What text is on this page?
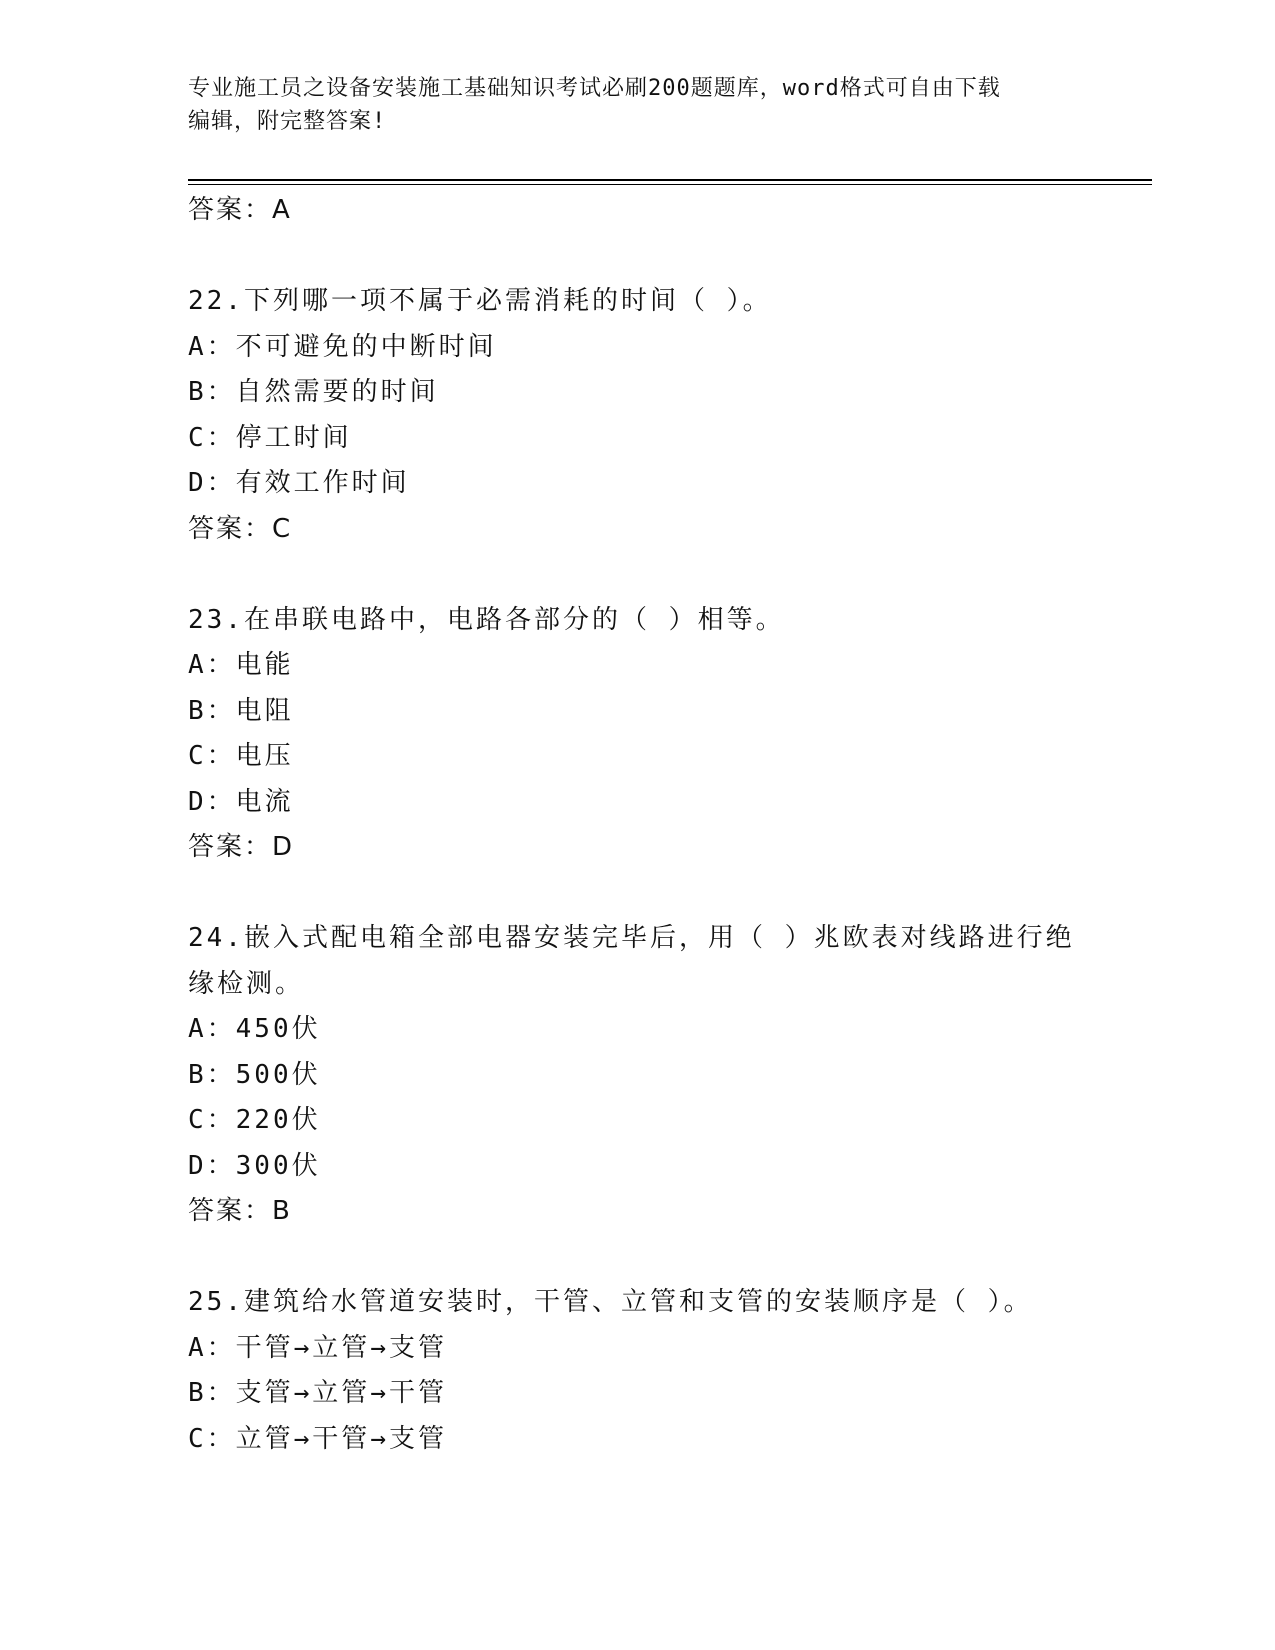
专业施工员之设备安装施工基础知识考试必刷200题题库，word格式可自由下载
编辑，附完整答案!
答案：A
22.下列哪一项不属于必需消耗的时间（ ）。
A：不可避免的中断时间
B：自然需要的时间
C：停工时间
D：有效工作时间
答案：C
23.在串联电路中，电路各部分的（ ）相等。
A：电能
B：电阻
C：电压
D：电流
答案：D
24.嵌入式配电箱全部电器安装完毕后，用（ ）兆欧表对线路进行绝
缘检测。
A：450伏
B：500伏
C：220伏
D：300伏
答案：B
25.建筑给水管道安装时，干管、立管和支管的安装顺序是（ ）。
A：干管→立管→支管
B：支管→立管→干管
C：立管→干管→支管
